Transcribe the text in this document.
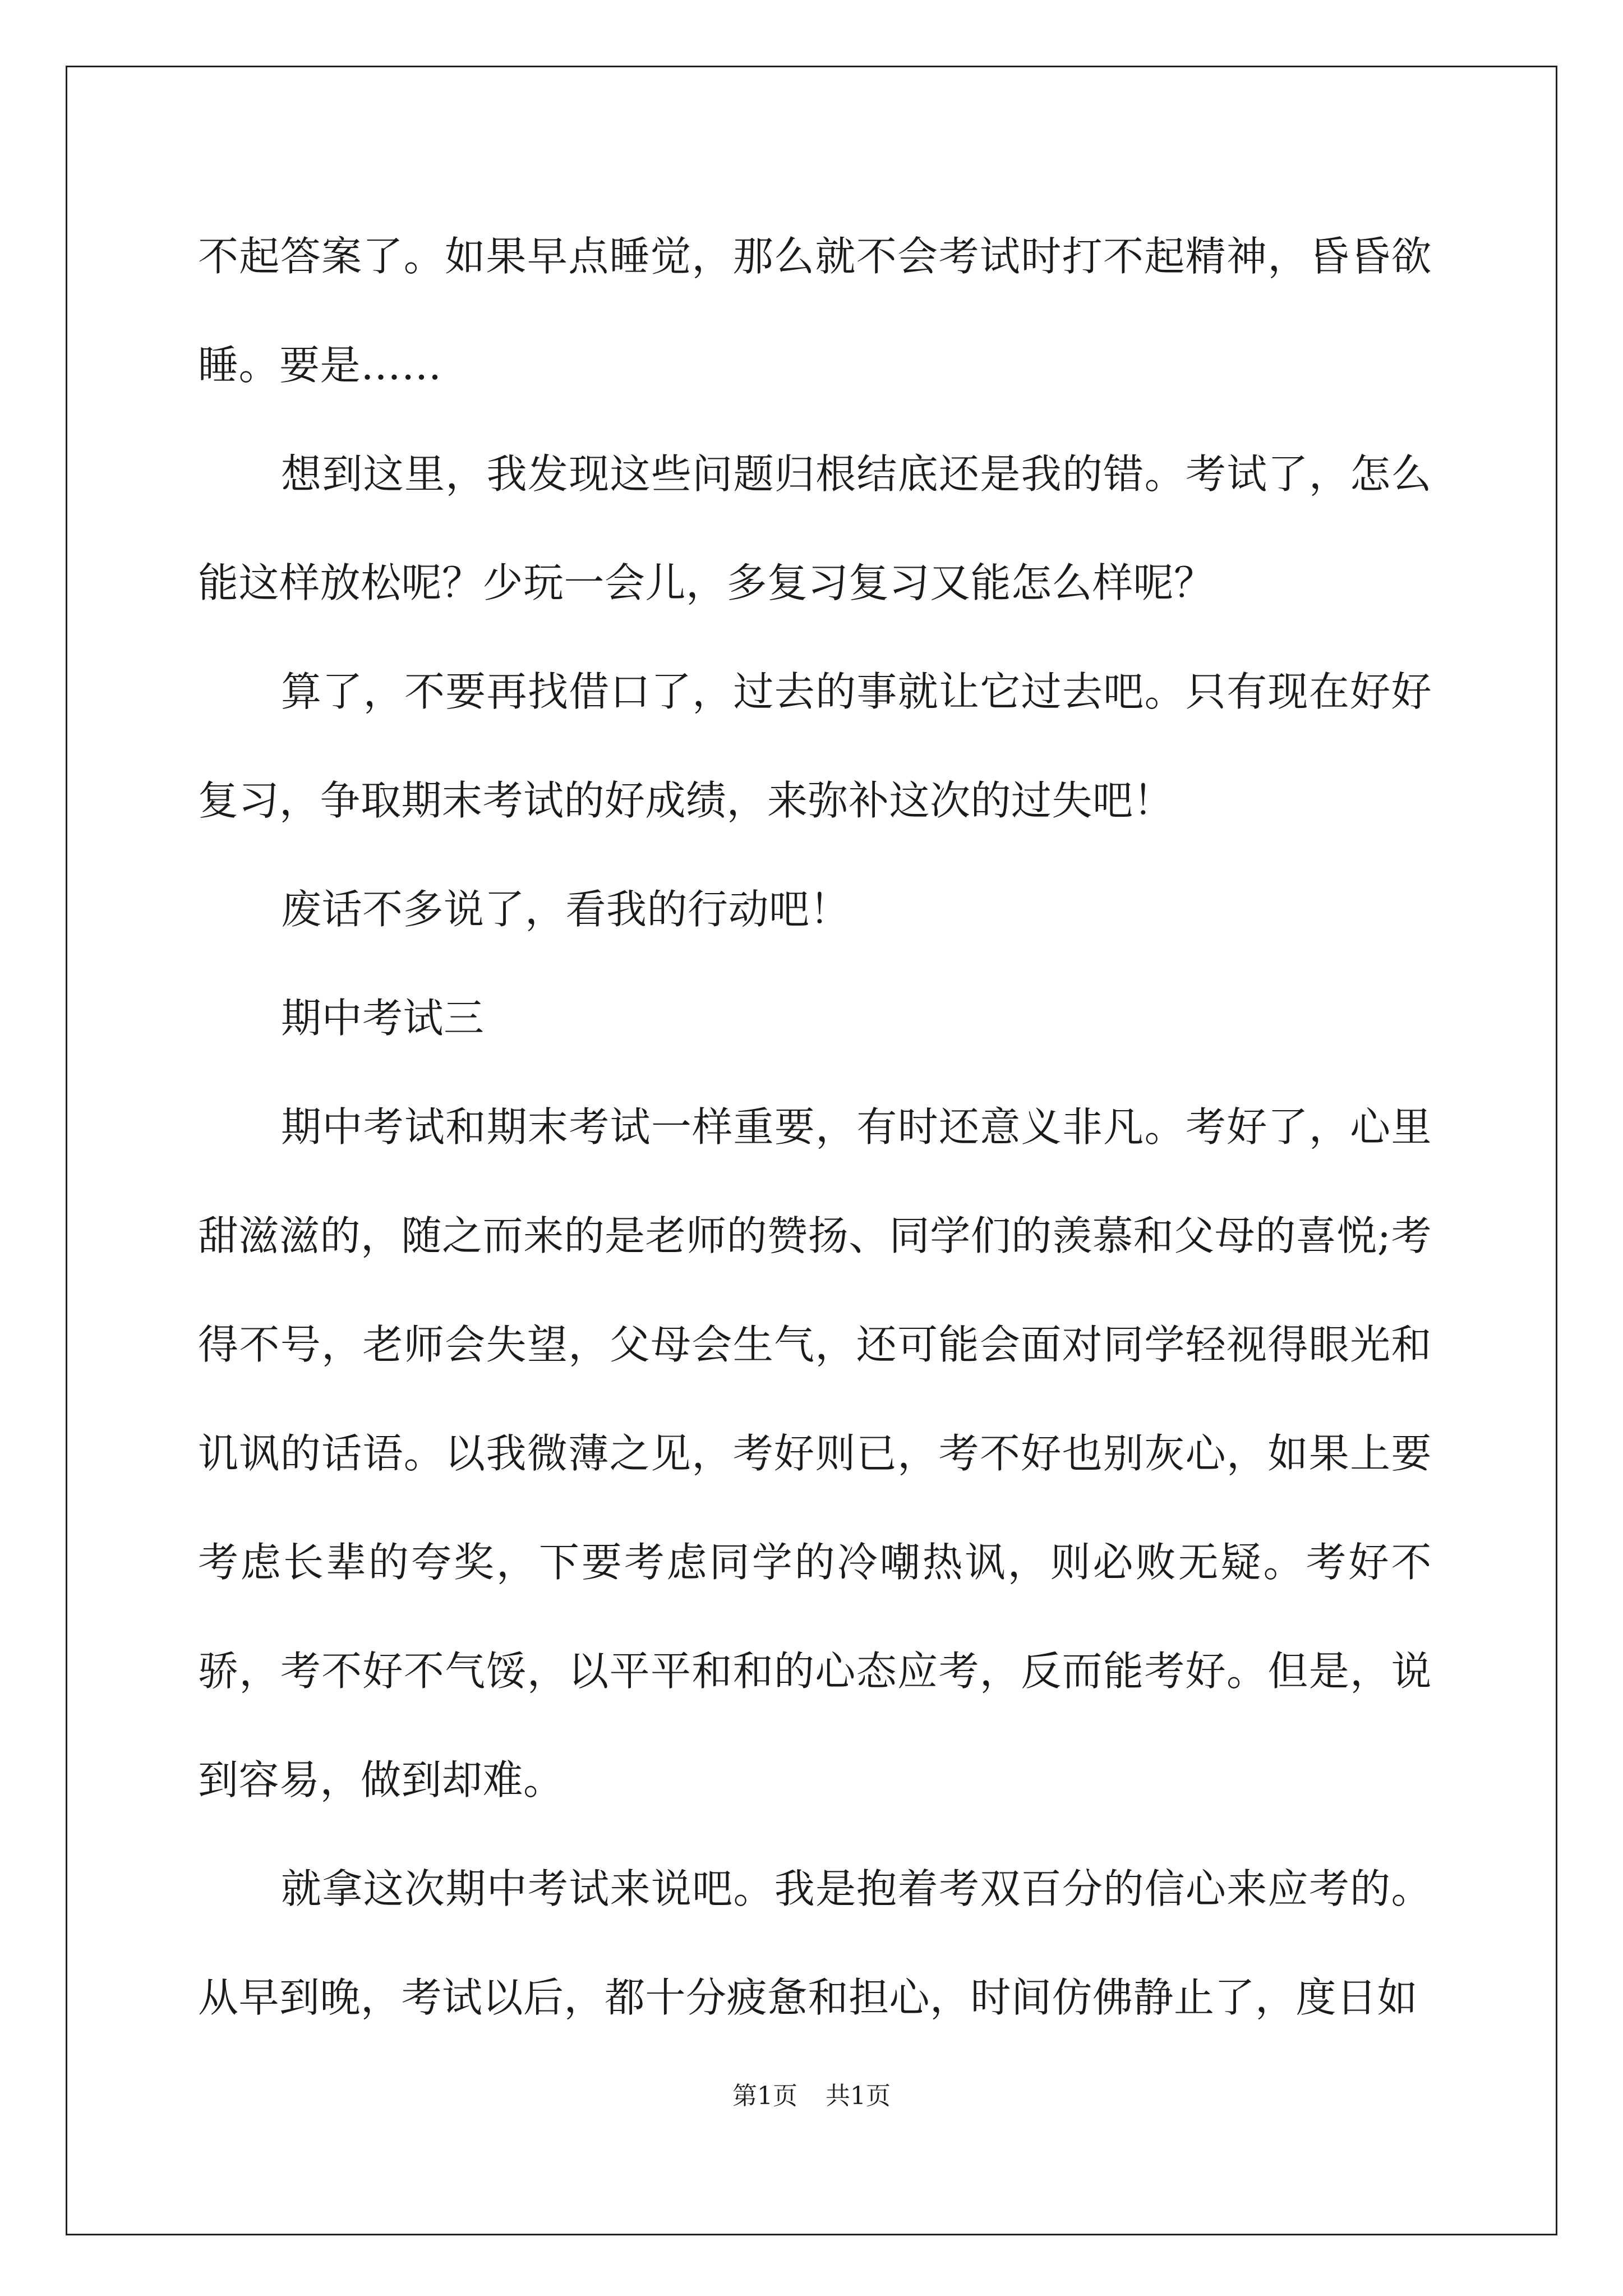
不起答案了。如果早点睡觉，那么就不会考试时打不起精神，昏昏欲睡。要是……

想到这里，我发现这些问题归根结底还是我的错。考试了，怎么能这样放松呢？少玩一会儿，多复习复习又能怎么样呢？

算了，不要再找借口了，过去的事就让它过去吧。只有现在好好复习，争取期末考试的好成绩，来弥补这次的过失吧！

废话不多说了，看我的行动吧！

期中考试三

期中考试和期末考试一样重要，有时还意义非凡。考好了，心里甜滋滋的，随之而来的是老师的赞扬、同学们的羡慕和父母的喜悦;考得不号，老师会失望，父母会生气，还可能会面对同学轻视得眼光和讥讽的话语。以我微薄之见，考好则已，考不好也别灰心，如果上要考虑长辈的夸奖，下要考虑同学的冷嘲热讽，则必败无疑。考好不骄，考不好不气馁，以平平和和的心态应考，反而能考好。但是，说到容易，做到却难。

就拿这次期中考试来说吧。我是抱着考双百分的信心来应考的。从早到晚，考试以后，都十分疲惫和担心，时间仿佛静止了，度日如

第1页 共1页
